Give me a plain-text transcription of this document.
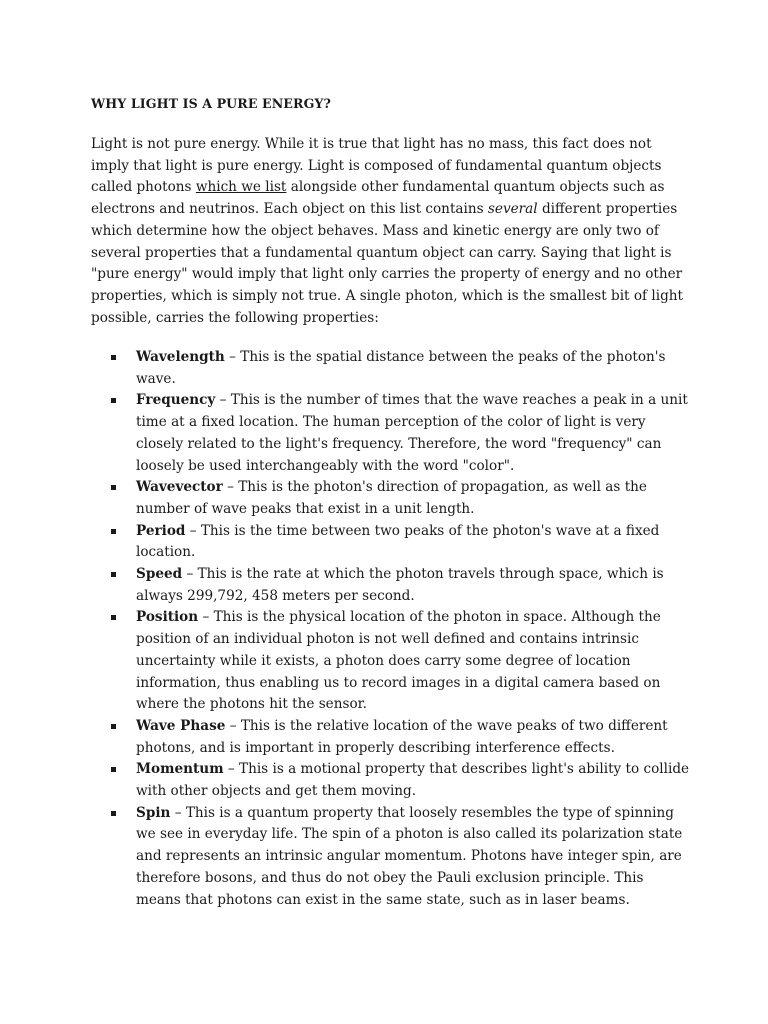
WHY LIGHT IS A PURE ENERGY?

Light is not pure energy. While it is true that light has no mass, this fact does not imply that light is pure energy. Light is composed of fundamental quantum objects called photons which we list alongside other fundamental quantum objects such as electrons and neutrinos. Each object on this list contains several different properties which determine how the object behaves. Mass and kinetic energy are only two of several properties that a fundamental quantum object can carry. Saying that light is "pure energy" would imply that light only carries the property of energy and no other properties, which is simply not true. A single photon, which is the smallest bit of light possible, carries the following properties:

Wavelength – This is the spatial distance between the peaks of the photon's wave.
Frequency – This is the number of times that the wave reaches a peak in a unit time at a fixed location. The human perception of the color of light is very closely related to the light's frequency. Therefore, the word "frequency" can loosely be used interchangeably with the word "color".
Wavevector – This is the photon's direction of propagation, as well as the number of wave peaks that exist in a unit length.
Period – This is the time between two peaks of the photon's wave at a fixed location.
Speed – This is the rate at which the photon travels through space, which is always 299,792, 458 meters per second.
Position – This is the physical location of the photon in space. Although the position of an individual photon is not well defined and contains intrinsic uncertainty while it exists, a photon does carry some degree of location information, thus enabling us to record images in a digital camera based on where the photons hit the sensor.
Wave Phase – This is the relative location of the wave peaks of two different photons, and is important in properly describing interference effects.
Momentum – This is a motional property that describes light's ability to collide with other objects and get them moving.
Spin – This is a quantum property that loosely resembles the type of spinning we see in everyday life. The spin of a photon is also called its polarization state and represents an intrinsic angular momentum. Photons have integer spin, are therefore bosons, and thus do not obey the Pauli exclusion principle. This means that photons can exist in the same state, such as in laser beams.
